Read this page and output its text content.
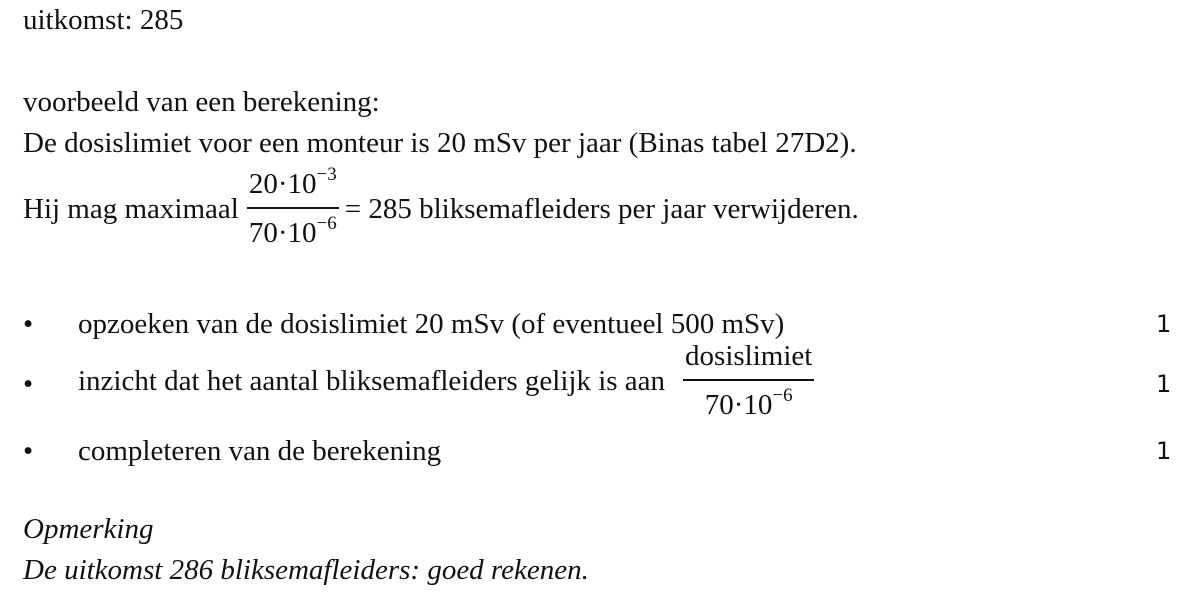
uitkomst: 285
voorbeeld van een berekening:
De dosislimiet voor een monteur is 20 mSv per jaar (Binas tabel 27D2).
Hij mag maximaal $\frac{20\cdot 10^{-3}}{70\cdot 10^{-6}} = 285$ bliksemafleiders per jaar verwijderen.
•	opzoeken van de dosislimiet 20 mSv (of eventueel 500 mSv)	1
•	inzicht dat het aantal bliksemafleiders gelijk is aan $\frac{\text{dosislimiet}}{70\cdot 10^{-6}}$	1
•	completeren van de berekening	1
Opmerking
De uitkomst 286 bliksemafleiders: goed rekenen.
